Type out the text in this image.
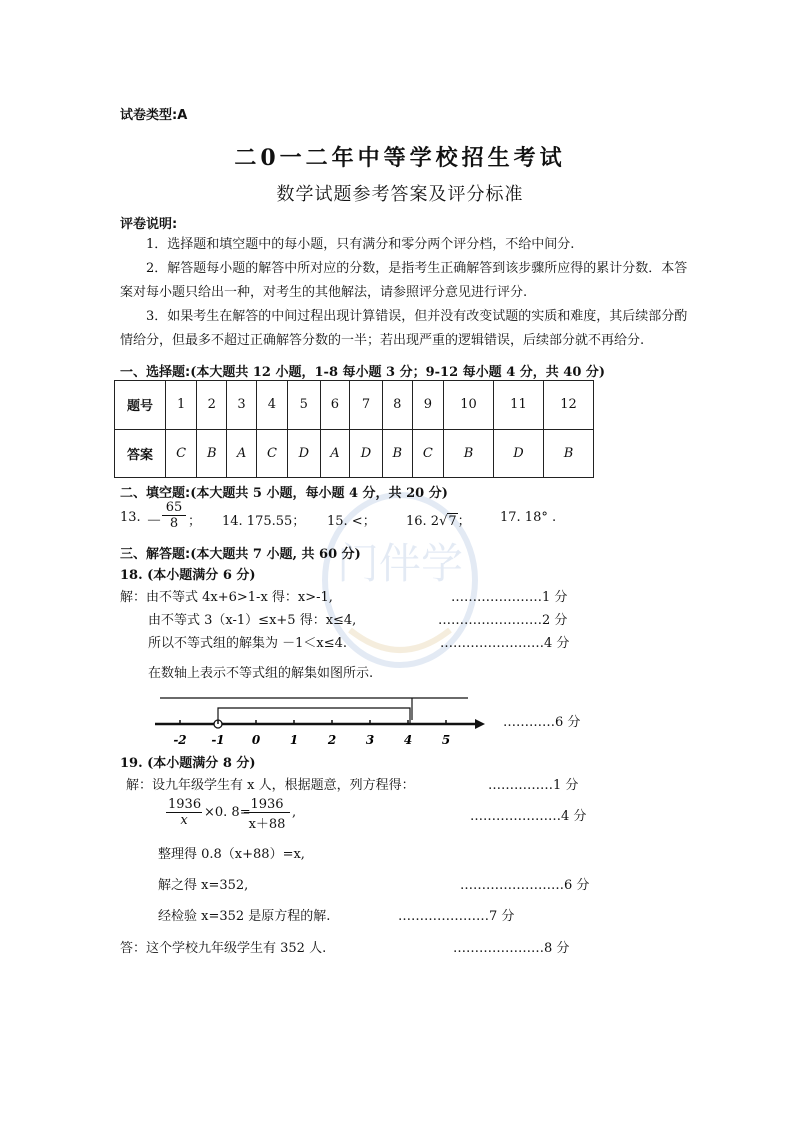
门伴学
试卷类型:A
二0一二年中等学校招生考试
数学试题参考答案及评分标准
评卷说明:
1．选择题和填空题中的每小题，只有满分和零分两个评分档，不给中间分.
2．解答题每小题的解答中所对应的分数，是指考生正确解答到该步骤所应得的累计分数．本答案对每小题只给出一种，对考生的其他解法，请参照评分意见进行评分.
3．如果考生在解答的中间过程出现计算错误，但并没有改变试题的实质和难度，其后续部分酌情给分，但最多不超过正确解答分数的一半；若出现严重的逻辑错误，后续部分就不再给分.
一、选择题:(本大题共 12 小题，1-8 每小题 3 分；9-12 每小题 4 分，共 40 分)
题号	1	2	3	4	5	6	7	8	9	10	11	12
答案	C	B	A	C	D	A	D	B	C	B	D	B
二、填空题:(本大题共 5 小题，每小题 4 分，共 20 分)
13. － $\frac{65}{8}$ ； 14. 175.55； 15. <； 16. 2√7； 17. 18° .
三、解答题:(本大题共 7 小题, 共 60 分)
18. (本小题满分 6 分)
解：由不等式 4x+6>1-x 得：x>-1,	…………………1 分
由不等式 3（x-1）≤x+5 得：x≤4,	……………………2 分
所以不等式组的解集为 －1＜x≤4.	……………………4 分
在数轴上表示不等式组的解集如图所示.
-2 -1 0 1 2 3 4 5
…………6 分
19. (本小题满分 8 分)
解：设九年级学生有 x 人，根据题意，列方程得：	……………1 分
$\frac{1936}{x} \times 0$. 8=
$\frac{1936}{x+88}$ ,	…………………4 分
整理得 0.8（x+88）=x,
解之得 x=352,	……………………6 分
经检验 x=352 是原方程的解.	…………………7 分
答：这个学校九年级学生有 352 人.	…………………8 分
